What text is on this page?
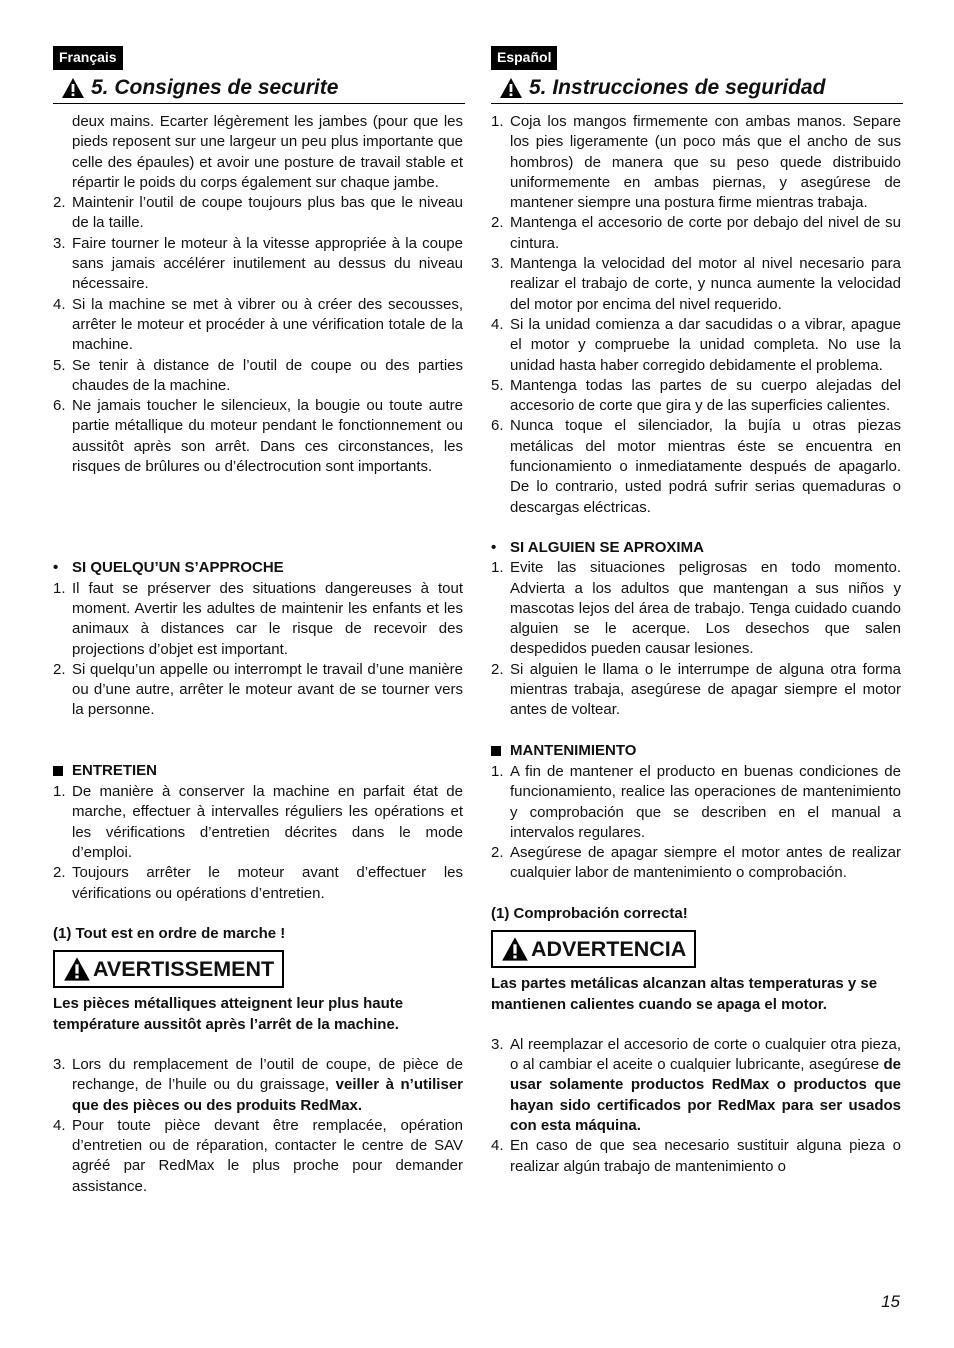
Français
5. Consignes de securite
deux mains. Ecarter légèrement les jambes (pour que les pieds reposent sur une largeur un peu plus importante que celle des épaules) et avoir une posture de travail stable et répartir le poids du corps également sur chaque jambe.
2. Maintenir l’outil de coupe toujours plus bas que le niveau de la taille.
3. Faire tourner le moteur à la vitesse appropriée à la coupe sans jamais accélérer inutilement au dessus du niveau nécessaire.
4. Si la machine se met à vibrer ou à créer des secousses, arrêter le moteur et procéder à une vérification totale de la machine.
5. Se tenir à distance de l’outil de coupe ou des parties chaudes de la machine.
6. Ne jamais toucher le silencieux, la bougie ou toute autre partie métallique du moteur pendant le fonctionnement ou aussitôt après son arrêt. Dans ces circonstances, les risques de brûlures ou d’électrocution sont importants.
• SI QUELQU’UN S’APPROCHE
1. Il faut se préserver des situations dangereuses à tout moment. Avertir les adultes de maintenir les enfants et les animaux à distances car le risque de recevoir des projections d’objet est important.
2. Si quelqu’un appelle ou interrompt le travail d’une manière ou d’une autre, arrêter le moteur avant de se tourner vers la personne.
ENTRETIEN
1. De manière à conserver la machine en parfait état de marche, effectuer à intervalles réguliers les opérations et les vérifications d’entretien décrites dans le mode d’emploi.
2. Toujours arrêter le moteur avant d’effectuer les vérifications ou opérations d’entretien.
(1) Tout est en ordre de marche !
AVERTISSEMENT
Les pièces métalliques atteignent leur plus haute température aussitôt après l’arrêt de la machine.
3. Lors du remplacement de l’outil de coupe, de pièce de rechange, de l’huile ou du graissage, veiller à n’utiliser que des pièces ou des produits RedMax.
4. Pour toute pièce devant être remplacée, opération d’entretien ou de réparation, contacter le centre de SAV agréé par RedMax le plus proche pour demander assistance.
Español
5. Instrucciones de seguridad
1. Coja los mangos firmemente con ambas manos. Separe los pies ligeramente (un poco más que el ancho de sus hombros) de manera que su peso quede distribuido uniformemente en ambas piernas, y asegúrese de mantener siempre una postura firme mientras trabaja.
2. Mantenga el accesorio de corte por debajo del nivel de su cintura.
3. Mantenga la velocidad del motor al nivel necesario para realizar el trabajo de corte, y nunca aumente la velocidad del motor por encima del nivel requerido.
4. Si la unidad comienza a dar sacudidas o a vibrar, apague el motor y compruebe la unidad completa. No use la unidad hasta haber corregido debidamente el problema.
5. Mantenga todas las partes de su cuerpo alejadas del accesorio de corte que gira y de las superficies calientes.
6. Nunca toque el silenciador, la bujía u otras piezas metálicas del motor mientras éste se encuentra en funcionamiento o inmediatamente después de apagarlo. De lo contrario, usted podrá sufrir serias quemaduras o descargas eléctricas.
• SI ALGUIEN SE APROXIMA
1. Evite las situaciones peligrosas en todo momento. Advierta a los adultos que mantengan a sus niños y mascotas lejos del área de trabajo. Tenga cuidado cuando alguien se le acerque. Los desechos que salen despedidos pueden causar lesiones.
2. Si alguien le llama o le interrumpe de alguna otra forma mientras trabaja, asegúrese de apagar siempre el motor antes de voltear.
MANTENIMIENTO
1. A fin de mantener el producto en buenas condiciones de funcionamiento, realice las operaciones de mantenimiento y comprobación que se describen en el manual a intervalos regulares.
2. Asegúrese de apagar siempre el motor antes de realizar cualquier labor de mantenimiento o comprobación.
(1) Comprobación correcta!
ADVERTENCIA
Las partes metálicas alcanzan altas temperaturas y se mantienen calientes cuando se apaga el motor.
3. Al reemplazar el accesorio de corte o cualquier otra pieza, o al cambiar el aceite o cualquier lubricante, asegúrese de usar solamente productos RedMax o productos que hayan sido certificados por RedMax para ser usados con esta máquina.
4. En caso de que sea necesario sustituir alguna pieza o realizar algún trabajo de mantenimiento o
15
